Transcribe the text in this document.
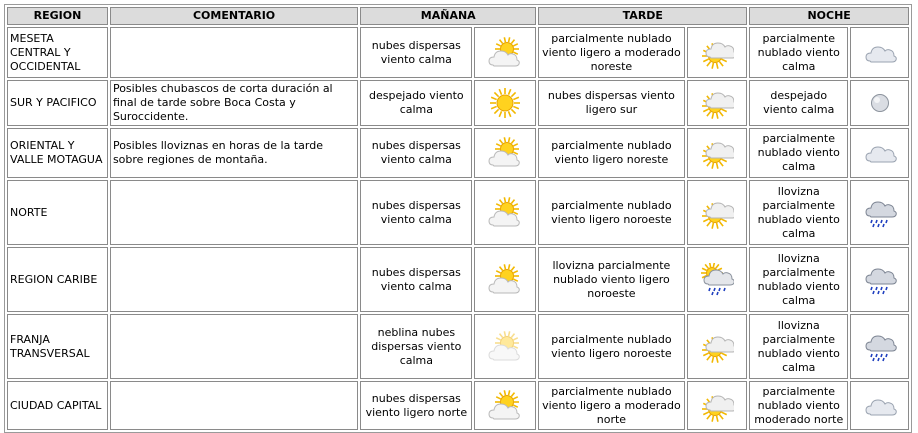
REGION	COMENTARIO	MAÑANA		TARDE		NOCHE	
MESETA CENTRAL Y OCCIDENTAL		nubes dispersas viento calma		parcialmente nublado viento ligero a moderado noreste		parcialmente nublado viento calma	

SUR Y PACIFICO	Posibles chubascos de corta duración al final de tarde sobre Boca Costa y Suroccidente.	despejado viento calma		nubes dispersas viento ligero sur		despejado viento calma	

ORIENTAL Y VALLE MOTAGUA	Posibles lloviznas en horas de la tarde sobre regiones de montaña.	nubes dispersas viento calma		parcialmente nublado viento ligero noreste		parcialmente nublado viento calma	

NORTE		nubes dispersas viento calma		parcialmente nublado viento ligero noroeste		llovizna parcialmente nublado viento calma	

REGION CARIBE		nubes dispersas viento calma		llovizna parcialmente nublado viento ligero noroeste		llovizna parcialmente nublado viento calma	

FRANJA TRANSVERSAL		neblina nubes dispersas viento calma		parcialmente nublado viento ligero noroeste		llovizna parcialmente nublado viento calma	

CIUDAD CAPITAL		nubes dispersas viento ligero norte		parcialmente nublado viento ligero a moderado norte		parcialmente nublado viento moderado norte	
